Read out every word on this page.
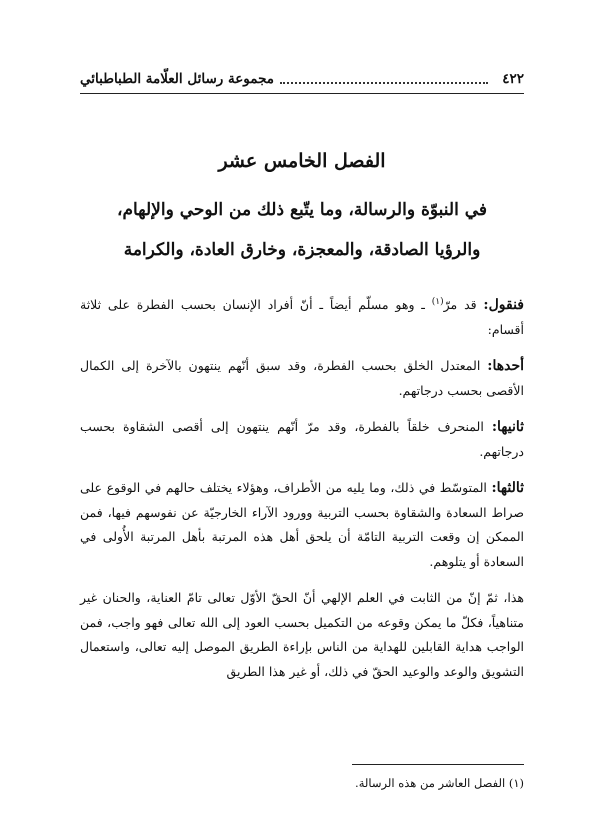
٤٢٢
مجموعة رسائل العلّامة الطباطبائي
الفصل الخامس عشر
في النبوّة والرسالة، وما يتّبع ذلك من الوحي والإلهام،
والرؤيا الصادقة، والمعجزة، وخارق العادة، والكرامة

فنقول: قد مرّ$^{(١)}$ ـ وهو مسلّم أيضاً ـ أنّ أفراد الإنسان بحسب الفطرة على ثلاثة أقسام:

أحدها: المعتدل الخلق بحسب الفطرة، وقد سبق أنّهم ينتهون بالآخرة إلى الكمال الأقصى بحسب درجاتهم.

ثانيها: المنحرف خلقاً بالفطرة، وقد مرّ أنّهم ينتهون إلى أقصى الشقاوة بحسب درجاتهم.

ثالثها: المتوسّط في ذلك، وما يليه من الأطراف، وهؤلاء يختلف حالهم في الوقوع على صراط السعادة والشقاوة بحسب التربية وورود الآراء الخارجيّة عن نفوسهم فيها، فمن الممكن إن وقعت التربية التامّة أن يلحق أهل هذه المرتبة بأهل المرتبة الأُولى في السعادة أو يتلوهم.

هذا، ثمّ إنّ من الثابت في العلم الإلهي أنّ الحقّ الأوّل تعالى تامّ العناية، والحنان غير متناهياً، فكلّ ما يمكن وقوعه من التكميل بحسب العود إلى الله تعالى فهو واجب، فمن الواجب هداية القابلين للهداية من الناس بإراءة الطريق الموصل إليه تعالى، واستعمال التشويق والوعد والوعيد الحقّ في ذلك، أو غير هذا الطريق

(١) الفصل العاشر من هذه الرسالة.
